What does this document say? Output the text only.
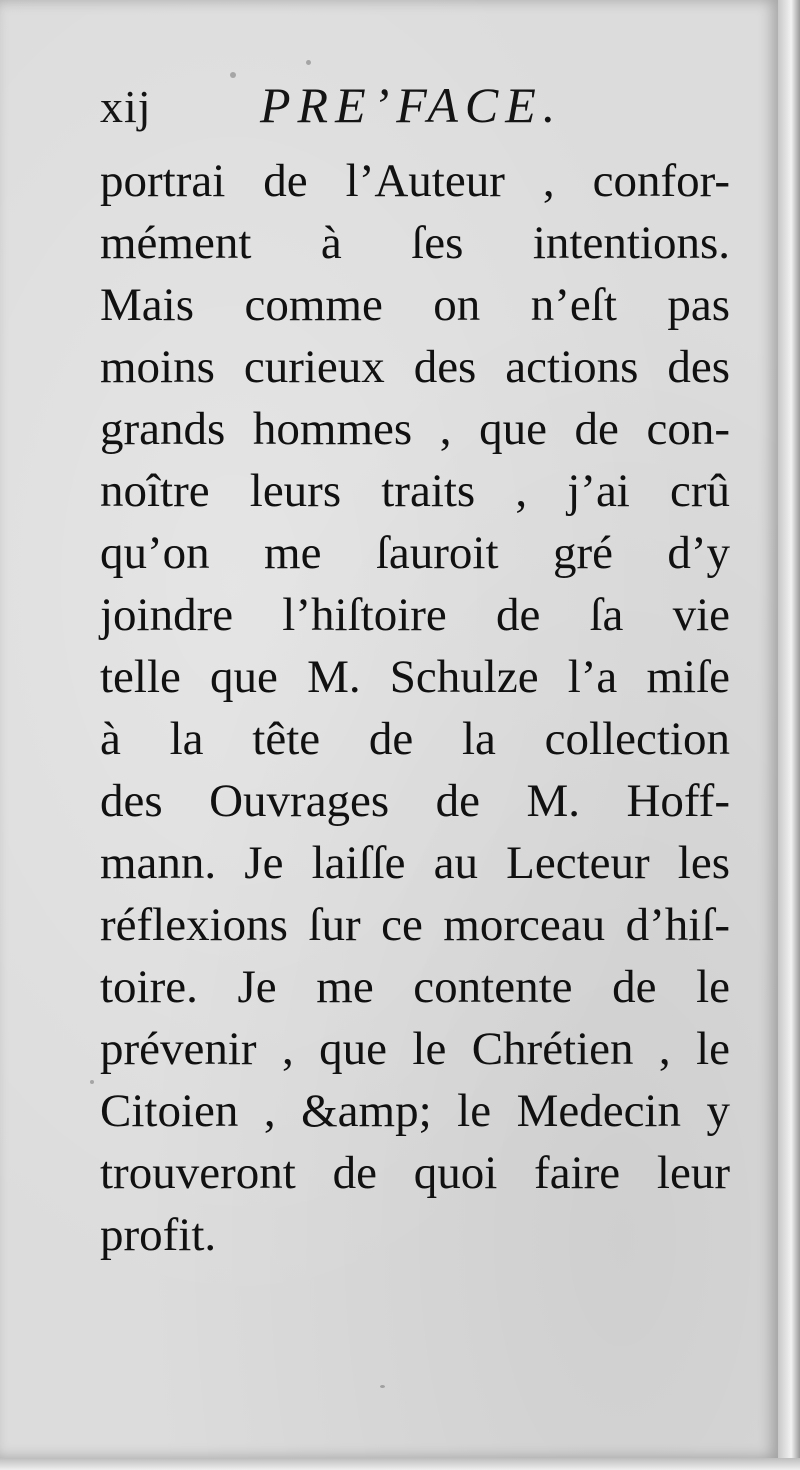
xij PRE’FACE.
portrai de l’Auteur , confor-
mément à ſes intentions.
Mais comme on n’eſt pas
moins curieux des actions des
grands hommes , que de con-
noître leurs traits , j’ai crû
qu’on me ſauroit gré d’y
joindre l’hiſtoire de ſa vie
telle que M. Schulze l’a miſe
à la tête de la collection
des Ouvrages de M. Hoff-
mann. Je laiſſe au Lecteur les
réflexions ſur ce morceau d’hiſ-
toire. Je me contente de le
prévenir , que le Chrétien , le
Citoien , &amp; le Medecin y
trouveront de quoi faire leur
profit.
